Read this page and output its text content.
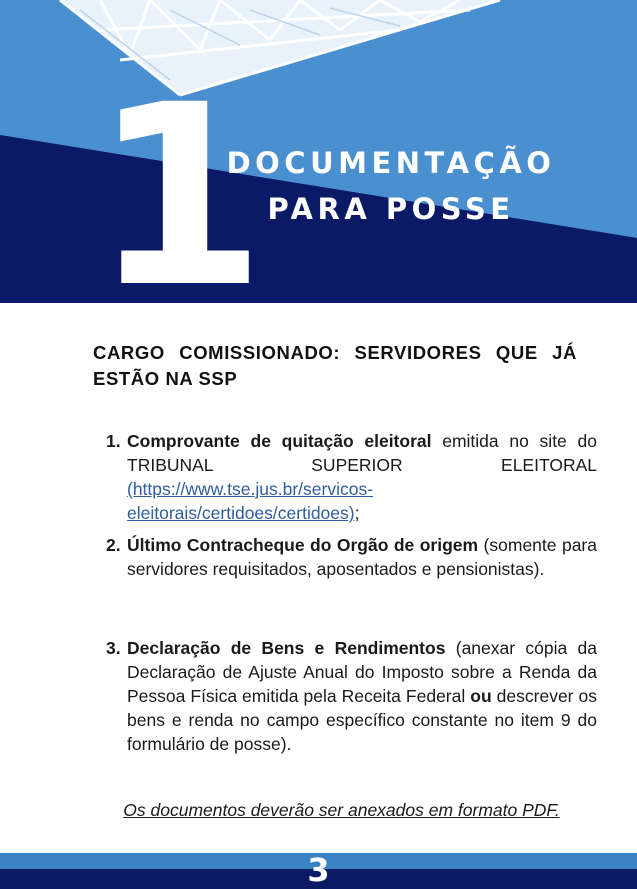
1
DOCUMENTAÇÃO
PARA POSSE
CARGO COMISSIONADO: SERVIDORES QUE JÁ ESTÃO NA SSP
1. Comprovante de quitação eleitoral emitida no site do TRIBUNAL SUPERIOR ELEITORAL (https://www.tse.jus.br/servicos-eleitorais/certidoes/certidoes);
2. Último Contracheque do Orgão de origem (somente para servidores requisitados, aposentados e pensionistas).
3. Declaração de Bens e Rendimentos (anexar cópia da Declaração de Ajuste Anual do Imposto sobre a Renda da Pessoa Física emitida pela Receita Federal ou descrever os bens e renda no campo específico constante no item 9 do formulário de posse).
Os documentos deverão ser anexados em formato PDF.
3
